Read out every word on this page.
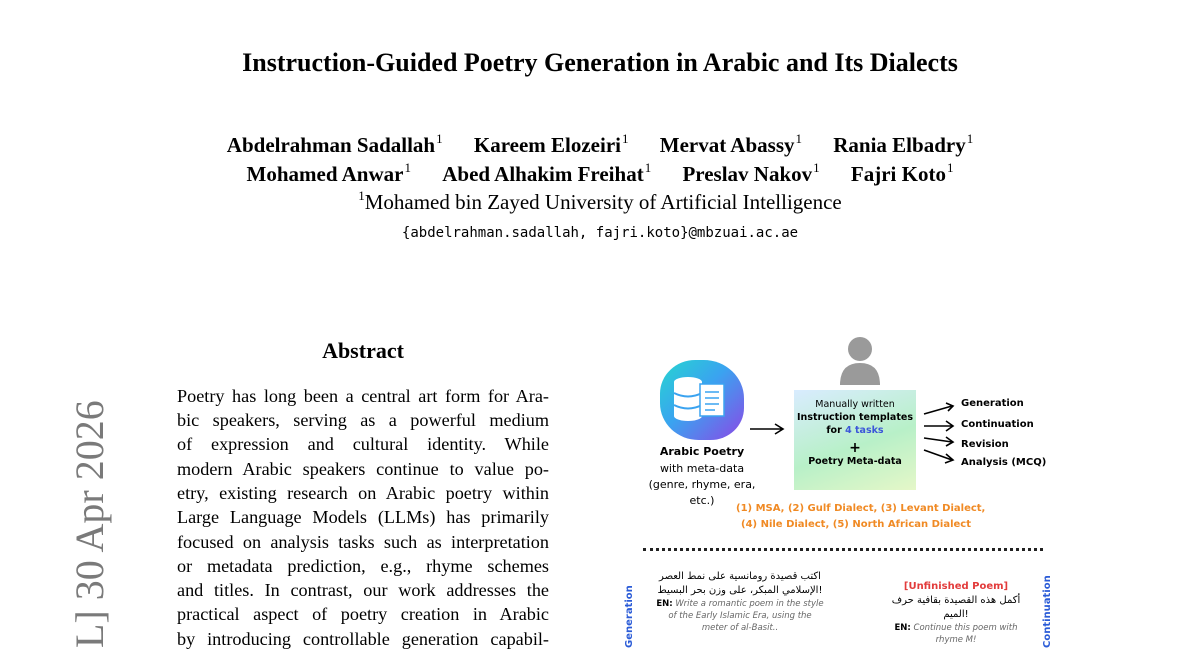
Instruction-Guided Poetry Generation in Arabic and Its Dialects
Abdelrahman Sadallah$^1$ Kareem Elozeiri$^1$ Mervat Abassy$^1$ Rania Elbadry$^1$
Mohamed Anwar$^1$ Abed Alhakim Freihat$^1$ Preslav Nakov$^1$ Fajri Koto$^1$
$^1$Mohamed bin Zayed University of Artificial Intelligence
{abdelrahman.sadallah, fajri.koto}@mbzuai.ac.ae
L] 30 Apr 2026
Abstract
Poetry has long been a central art form for Ara-
bic speakers, serving as a powerful medium
of expression and cultural identity. While
modern Arabic speakers continue to value po-
etry, existing research on Arabic poetry within
Large Language Models (LLMs) has primarily
focused on analysis tasks such as interpretation
or metadata prediction, e.g., rhyme schemes
and titles. In contrast, our work addresses the
practical aspect of poetry creation in Arabic
by introducing controllable generation capabil-
Arabic Poetry
with meta-data
(genre, rhyme, era,
etc.)
Manually written
Instruction templates
for 4 tasks
+
Poetry Meta-data
Generation
Continuation
Revision
Analysis (MCQ)
(1) MSA, (2) Gulf Dialect, (3) Levant Dialect,
(4) Nile Dialect, (5) North African Dialect
Generation	Continuation
اكتب قصيدة رومانسية على نمط العصر
الإسلامي المبكر، على وزن بحر البسيط!
EN: Write a romantic poem in the style
of the Early Islamic Era, using the
meter of al-Basit..
[Unfinished Poem]
أكمل هذه القصيدة بقافية حرف
الميم!
EN: Continue this poem with
rhyme M!
